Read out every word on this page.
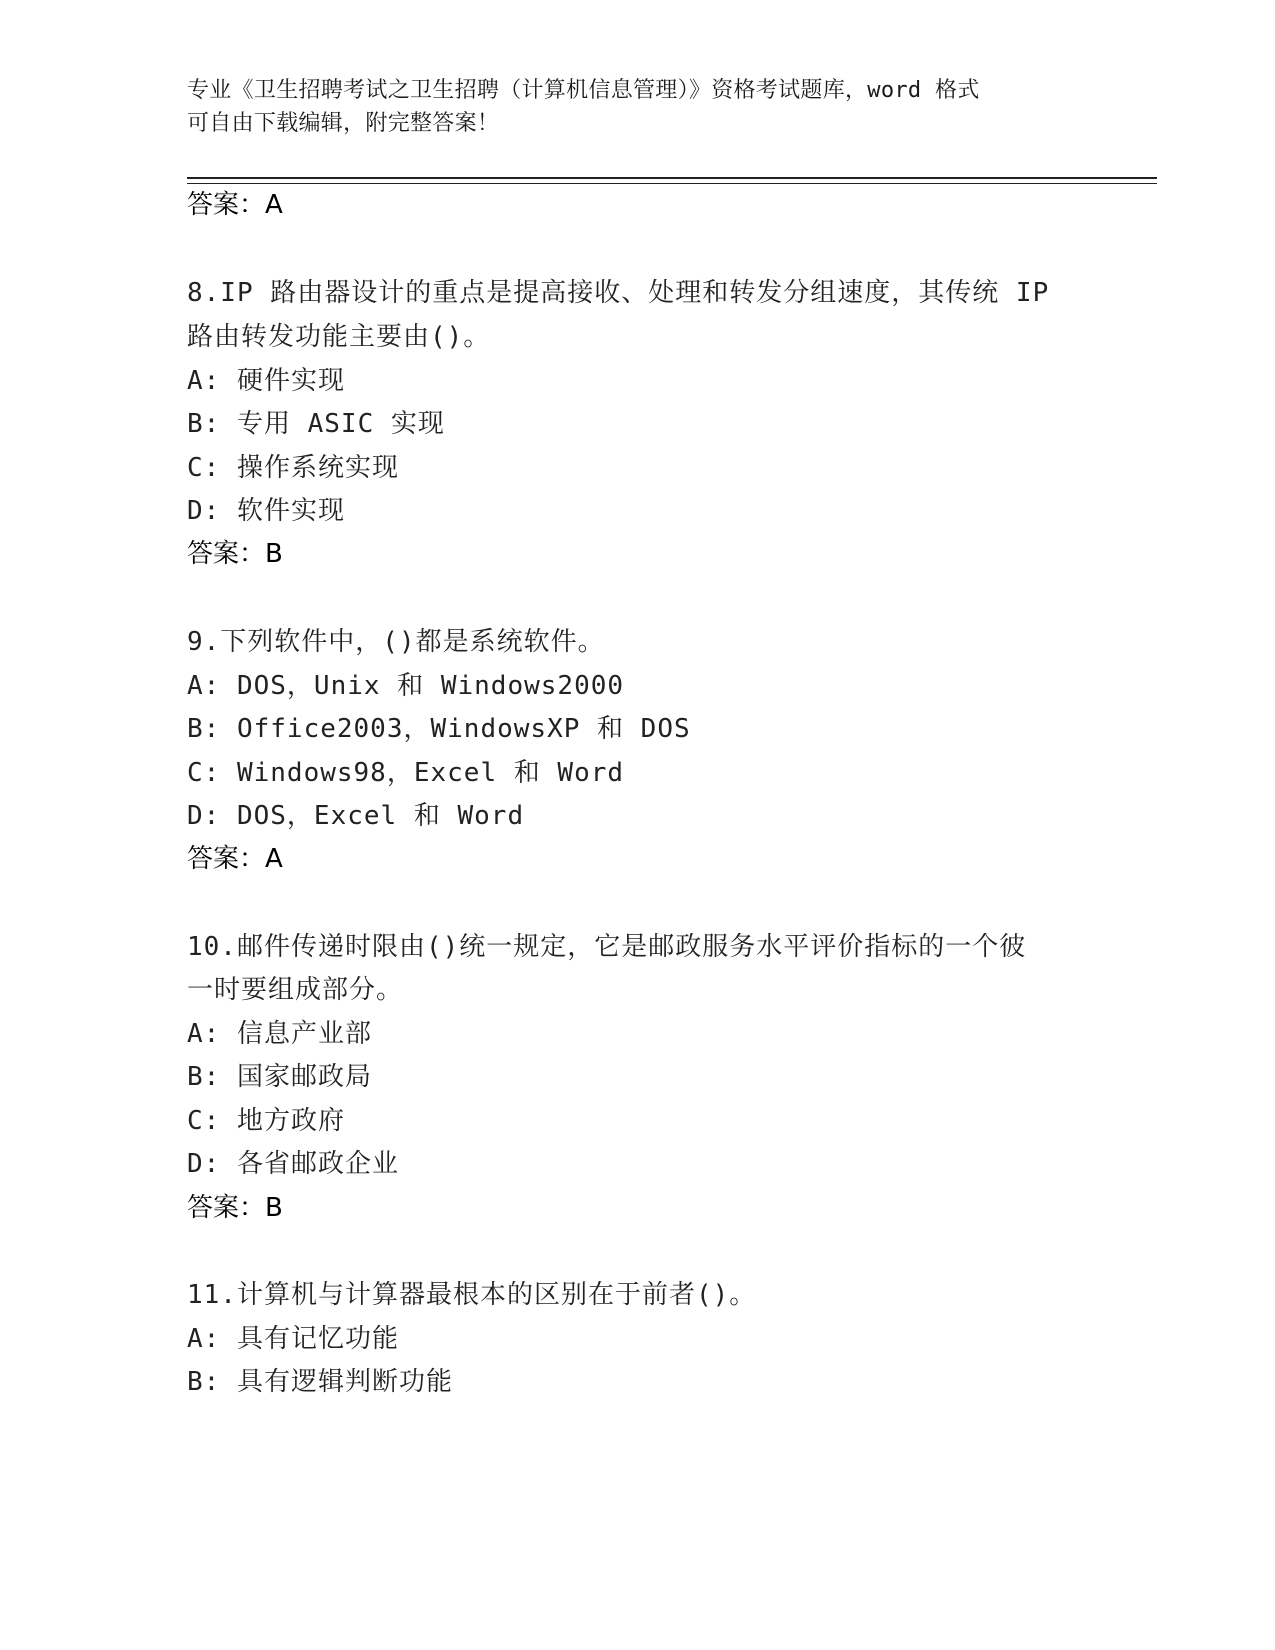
专业《卫生招聘考试之卫生招聘（计算机信息管理）》资格考试题库，word 格式
可自由下载编辑，附完整答案！
答案：A
8.IP 路由器设计的重点是提高接收、处理和转发分组速度，其传统 IP
路由转发功能主要由()。
A: 硬件实现
B: 专用 ASIC 实现
C: 操作系统实现
D: 软件实现
答案：B
9.下列软件中，()都是系统软件。
A: DOS，Unix 和 Windows2000
B: Office2003，WindowsXP 和 DOS
C: Windows98，Excel 和 Word
D: DOS，Excel 和 Word
答案：A
10.邮件传递时限由()统一规定，它是邮政服务水平评价指标的一个彼
一时要组成部分。
A: 信息产业部
B: 国家邮政局
C: 地方政府
D: 各省邮政企业
答案：B
11.计算机与计算器最根本的区别在于前者()。
A: 具有记忆功能
B: 具有逻辑判断功能
